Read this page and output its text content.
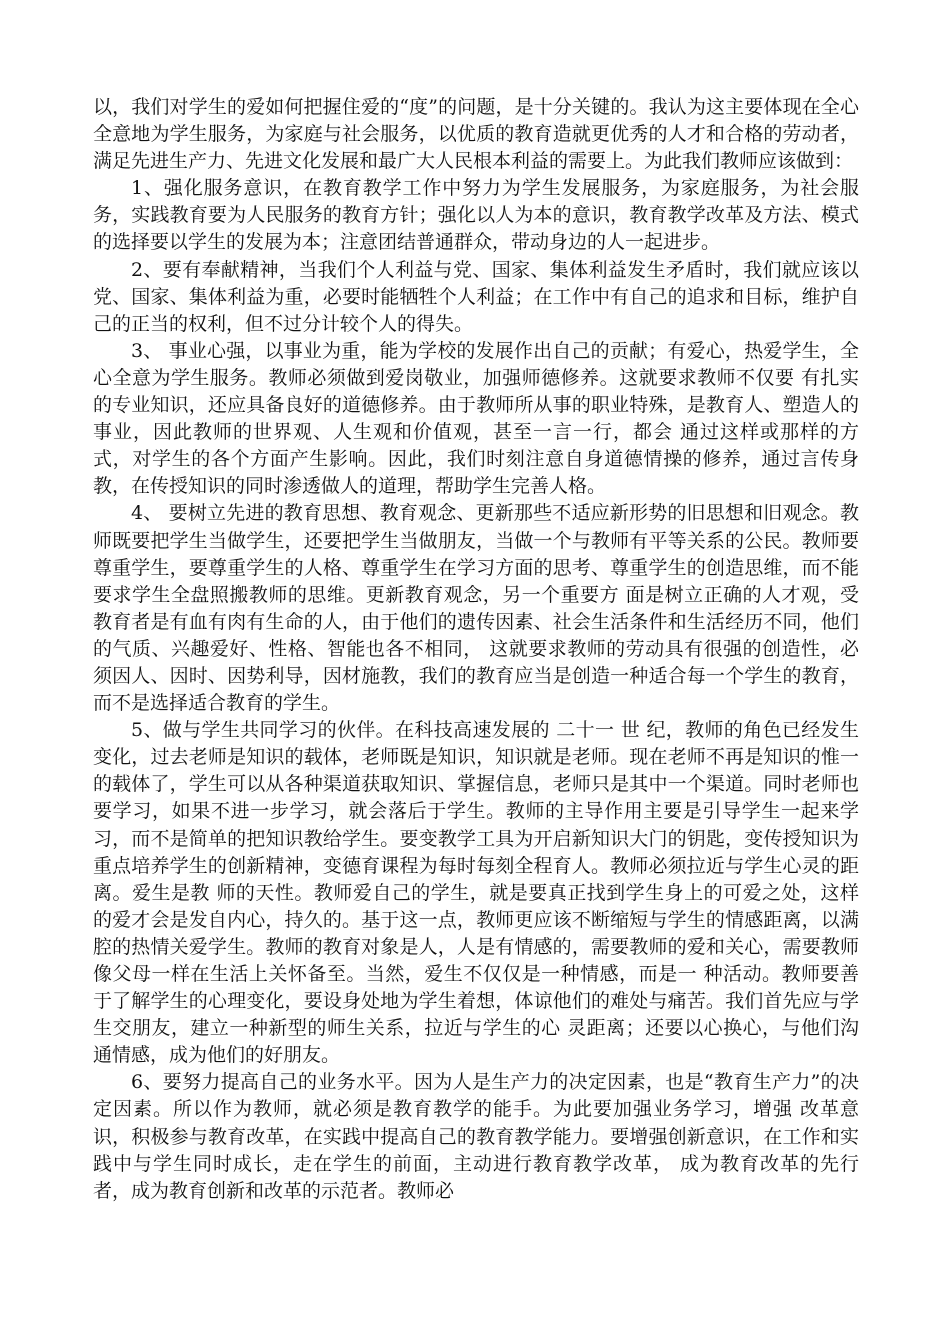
以，我们对学生的爱如何把握住爱的“度”的问题，是十分关键的。我认为这主要体现在全心全意地为学生服务，为家庭与社会服务，以优质的教育造就更优秀的人才和合格的劳动者，满足先进生产力、先进文化发展和最广大人民根本利益的需要上。为此我们教师应该做到：

1、强化服务意识，在教育教学工作中努力为学生发展服务，为家庭服务，为社会服务，实践教育要为人民服务的教育方针；强化以人为本的意识，教育教学改革及方法、模式的选择要以学生的发展为本；注意团结普通群众，带动身边的人一起进步。

2、要有奉献精神，当我们个人利益与党、国家、集体利益发生矛盾时，我们就应该以党、国家、集体利益为重，必要时能牺牲个人利益；在工作中有自己的追求和目标，维护自己的正当的权利，但不过分计较个人的得失。

3、 事业心强，以事业为重，能为学校的发展作出自己的贡献；有爱心，热爱学生，全心全意为学生服务。教师必须做到爱岗敬业，加强师德修养。这就要求教师不仅要 有扎实的专业知识，还应具备良好的道德修养。由于教师所从事的职业特殊，是教育人、塑造人的事业，因此教师的世界观、人生观和价值观，甚至一言一行，都会 通过这样或那样的方式，对学生的各个方面产生影响。因此，我们时刻注意自身道德情操的修养，通过言传身教，在传授知识的同时渗透做人的道理，帮助学生完善人格。

4、 要树立先进的教育思想、教育观念、更新那些不适应新形势的旧思想和旧观念。教师既要把学生当做学生，还要把学生当做朋友，当做一个与教师有平等关系的公民。教师要尊重学生，要尊重学生的人格、尊重学生在学习方面的思考、尊重学生的创造思维，而不能要求学生全盘照搬教师的思维。更新教育观念，另一个重要方 面是树立正确的人才观，受教育者是有血有肉有生命的人，由于他们的遗传因素、社会生活条件和生活经历不同，他们的气质、兴趣爱好、性格、智能也各不相同， 这就要求教师的劳动具有很强的创造性，必须因人、因时、因势利导，因材施教，我们的教育应当是创造一种适合每一个学生的教育，而不是选择适合教育的学生。

5、做与学生共同学习的伙伴。在科技高速发展的 二十一 世 纪，教师的角色已经发生变化，过去老师是知识的载体，老师既是知识，知识就是老师。现在老师不再是知识的惟一的载体了，学生可以从各种渠道获取知识、掌握信息，老师只是其中一个渠道。同时老师也要学习，如果不进一步学习，就会落后于学生。教师的主导作用主要是引导学生一起来学习，而不是简单的把知识教给学生。要变教学工具为开启新知识大门的钥匙，变传授知识为重点培养学生的创新精神，变德育课程为每时每刻全程育人。教师必须拉近与学生心灵的距离。爱生是教 师的天性。教师爱自己的学生，就是要真正找到学生身上的可爱之处，这样的爱才会是发自内心，持久的。基于这一点，教师更应该不断缩短与学生的情感距离，以满腔的热情关爱学生。教师的教育对象是人，人是有情感的，需要教师的爱和关心，需要教师像父母一样在生活上关怀备至。当然，爱生不仅仅是一种情感，而是一 种活动。教师要善于了解学生的心理变化，要设身处地为学生着想，体谅他们的难处与痛苦。我们首先应与学生交朋友，建立一种新型的师生关系，拉近与学生的心 灵距离；还要以心换心，与他们沟通情感，成为他们的好朋友。

6、要努力提高自己的业务水平。因为人是生产力的决定因素，也是“教育生产力”的决定因素。所以作为教师，就必须是教育教学的能手。为此要加强业务学习，增强 改革意识，积极参与教育改革，在实践中提高自己的教育教学能力。要增强创新意识，在工作和实践中与学生同时成长，走在学生的前面，主动进行教育教学改革， 成为教育改革的先行者，成为教育创新和改革的示范者。教师必
